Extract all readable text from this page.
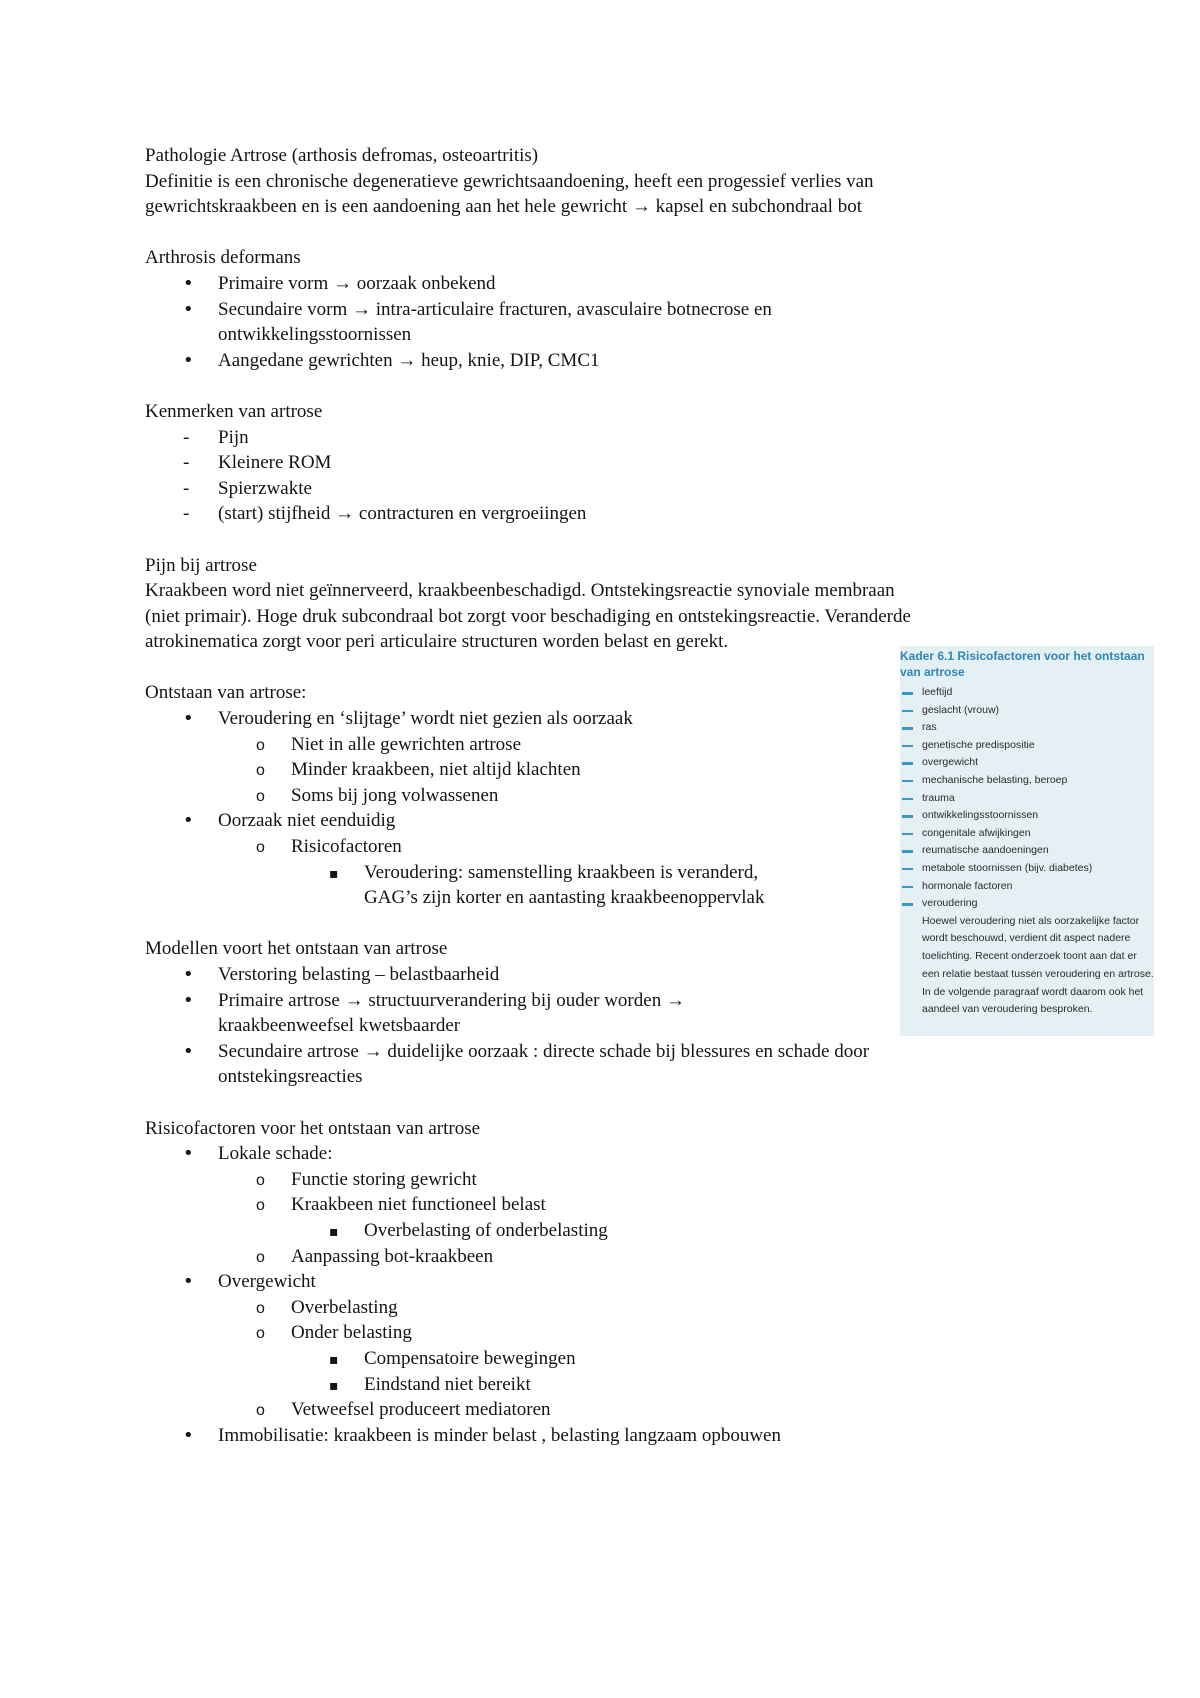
Pathologie Artrose (arthosis defromas, osteoartritis)
Definitie is een chronische degeneratieve gewrichtsaandoening, heeft een progessief verlies van
gewrichtskraakbeen en is een aandoening aan het hele gewricht → kapsel en subchondraal bot
Arthrosis deformans
•
Primaire vorm → oorzaak onbekend
•
Secundaire vorm → intra-articulaire fracturen, avasculaire botnecrose en
ontwikkelingsstoornissen
•
Aangedane gewrichten → heup, knie, DIP, CMC1
Kenmerken van artrose
-
Pijn
-
Kleinere ROM
-
Spierzwakte
-
(start) stijfheid → contracturen en vergroeiingen
Pijn bij artrose
Kraakbeen word niet geïnnerveerd, kraakbeenbeschadigd. Ontstekingsreactie synoviale membraan
(niet primair). Hoge druk subcondraal bot zorgt voor beschadiging en ontstekingsreactie. Veranderde
atrokinematica zorgt voor peri articulaire structuren worden belast en gerekt.
Ontstaan van artrose:
•
Veroudering en ‘slijtage’ wordt niet gezien als oorzaak
o
Niet in alle gewrichten artrose
o
Minder kraakbeen, niet altijd klachten
o
Soms bij jong volwassenen
•
Oorzaak niet eenduidig
o
Risicofactoren
▪
Veroudering: samenstelling kraakbeen is veranderd,
GAG’s zijn korter en aantasting kraakbeenoppervlak
Modellen voort het ontstaan van artrose
•
Verstoring belasting – belastbaarheid
•
Primaire artrose → structuurverandering bij ouder worden →
kraakbeenweefsel kwetsbaarder
•
Secundaire artrose → duidelijke oorzaak : directe schade bij blessures en schade door
ontstekingsreacties
Risicofactoren voor het ontstaan van artrose
•
Lokale schade:
o
Functie storing gewricht
o
Kraakbeen niet functioneel belast
▪
Overbelasting of onderbelasting
o
Aanpassing bot-kraakbeen
•
Overgewicht
o
Overbelasting
o
Onder belasting
▪
Compensatoire bewegingen
▪
Eindstand niet bereikt
o
Vetweefsel produceert mediatoren
•
Immobilisatie: kraakbeen is minder belast , belasting langzaam opbouwen
Kader 6.1 Risicofactoren voor het ontstaan van artrose
leeftijd
geslacht (vrouw)
ras
genetische predispositie
overgewicht
mechanische belasting, beroep
trauma
ontwikkelingsstoornissen
congenitale afwijkingen
reumatische aandoeningen
metabole stoornissen (bijv. diabetes)
hormonale factoren
veroudering
Hoewel veroudering niet als oorzakelijke factor wordt beschouwd, verdient dit aspect nadere toelichting. Recent onderzoek toont aan dat er een relatie bestaat tussen veroudering en artrose. In de volgende paragraaf wordt daarom ook het aandeel van veroudering besproken.
